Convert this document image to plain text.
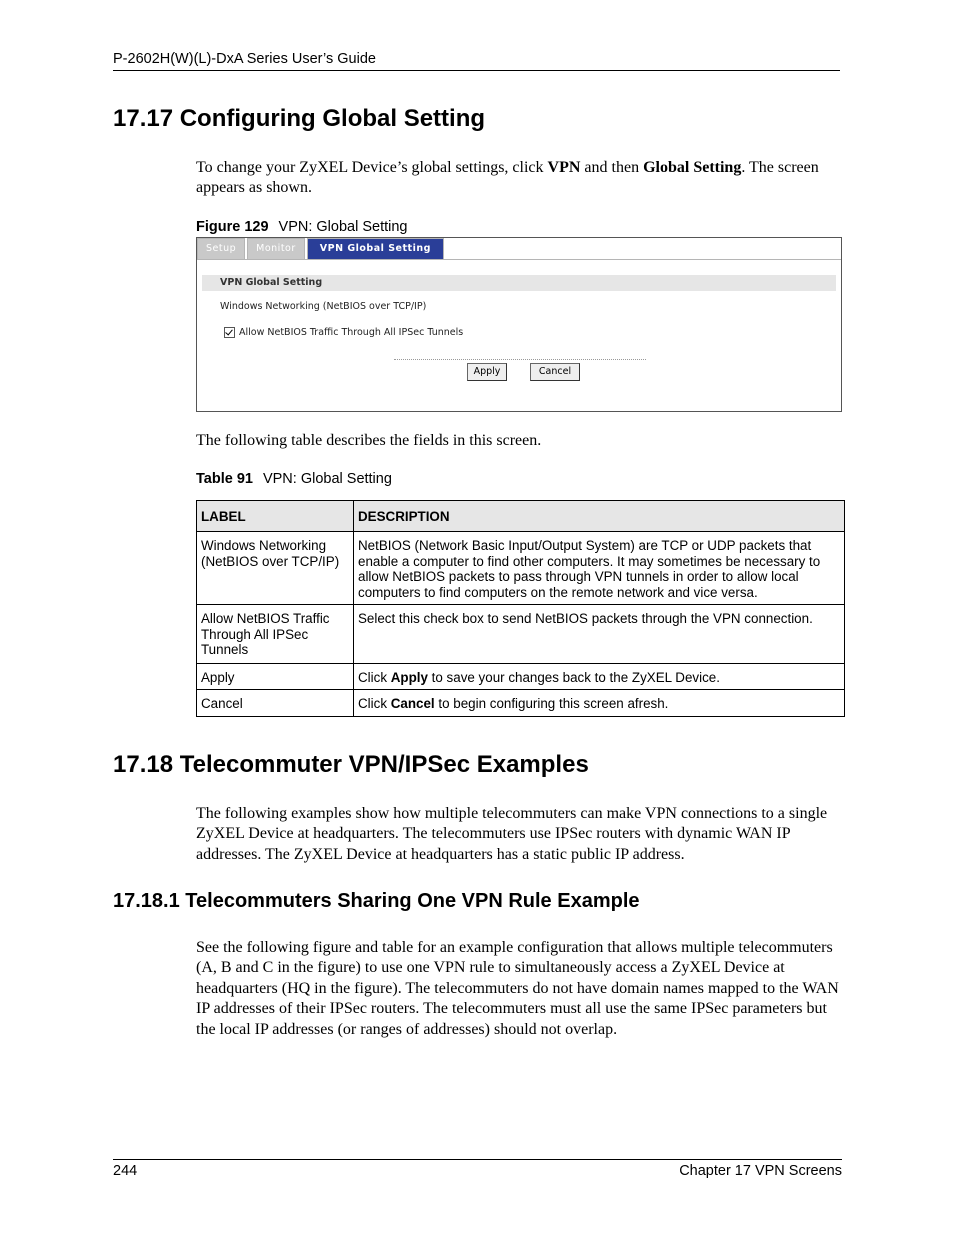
P-2602H(W)(L)-DxA Series User’s Guide
17.17 Configuring Global Setting

To change your ZyXEL Device’s global settings, click VPN and then Global Setting. The screen appears as shown.

Figure 129 VPN: Global Setting
Setup	Monitor	VPN Global Setting
VPN Global Setting
Windows Networking (NetBIOS over TCP/IP)
Allow NetBIOS Traffic Through All IPSec Tunnels
Apply	Cancel

The following table describes the fields in this screen.

Table 91 VPN: Global Setting
LABEL	DESCRIPTION
Windows Networking (NetBIOS over TCP/IP)	NetBIOS (Network Basic Input/Output System) are TCP or UDP packets that enable a computer to find other computers. It may sometimes be necessary to allow NetBIOS packets to pass through VPN tunnels in order to allow local computers to find computers on the remote network and vice versa.
Allow NetBIOS Traffic Through All IPSec Tunnels	Select this check box to send NetBIOS packets through the VPN connection.
Apply	Click Apply to save your changes back to the ZyXEL Device.
Cancel	Click Cancel to begin configuring this screen afresh.
17.18 Telecommuter VPN/IPSec Examples

The following examples show how multiple telecommuters can make VPN connections to a single ZyXEL Device at headquarters. The telecommuters use IPSec routers with dynamic WAN IP addresses. The ZyXEL Device at headquarters has a static public IP address.

17.18.1 Telecommuters Sharing One VPN Rule Example

See the following figure and table for an example configuration that allows multiple telecommuters (A, B and C in the figure) to use one VPN rule to simultaneously access a ZyXEL Device at headquarters (HQ in the figure). The telecommuters do not have domain names mapped to the WAN IP addresses of their IPSec routers. The telecommuters must all use the same IPSec parameters but the local IP addresses (or ranges of addresses) should not overlap.

244	Chapter 17 VPN Screens
